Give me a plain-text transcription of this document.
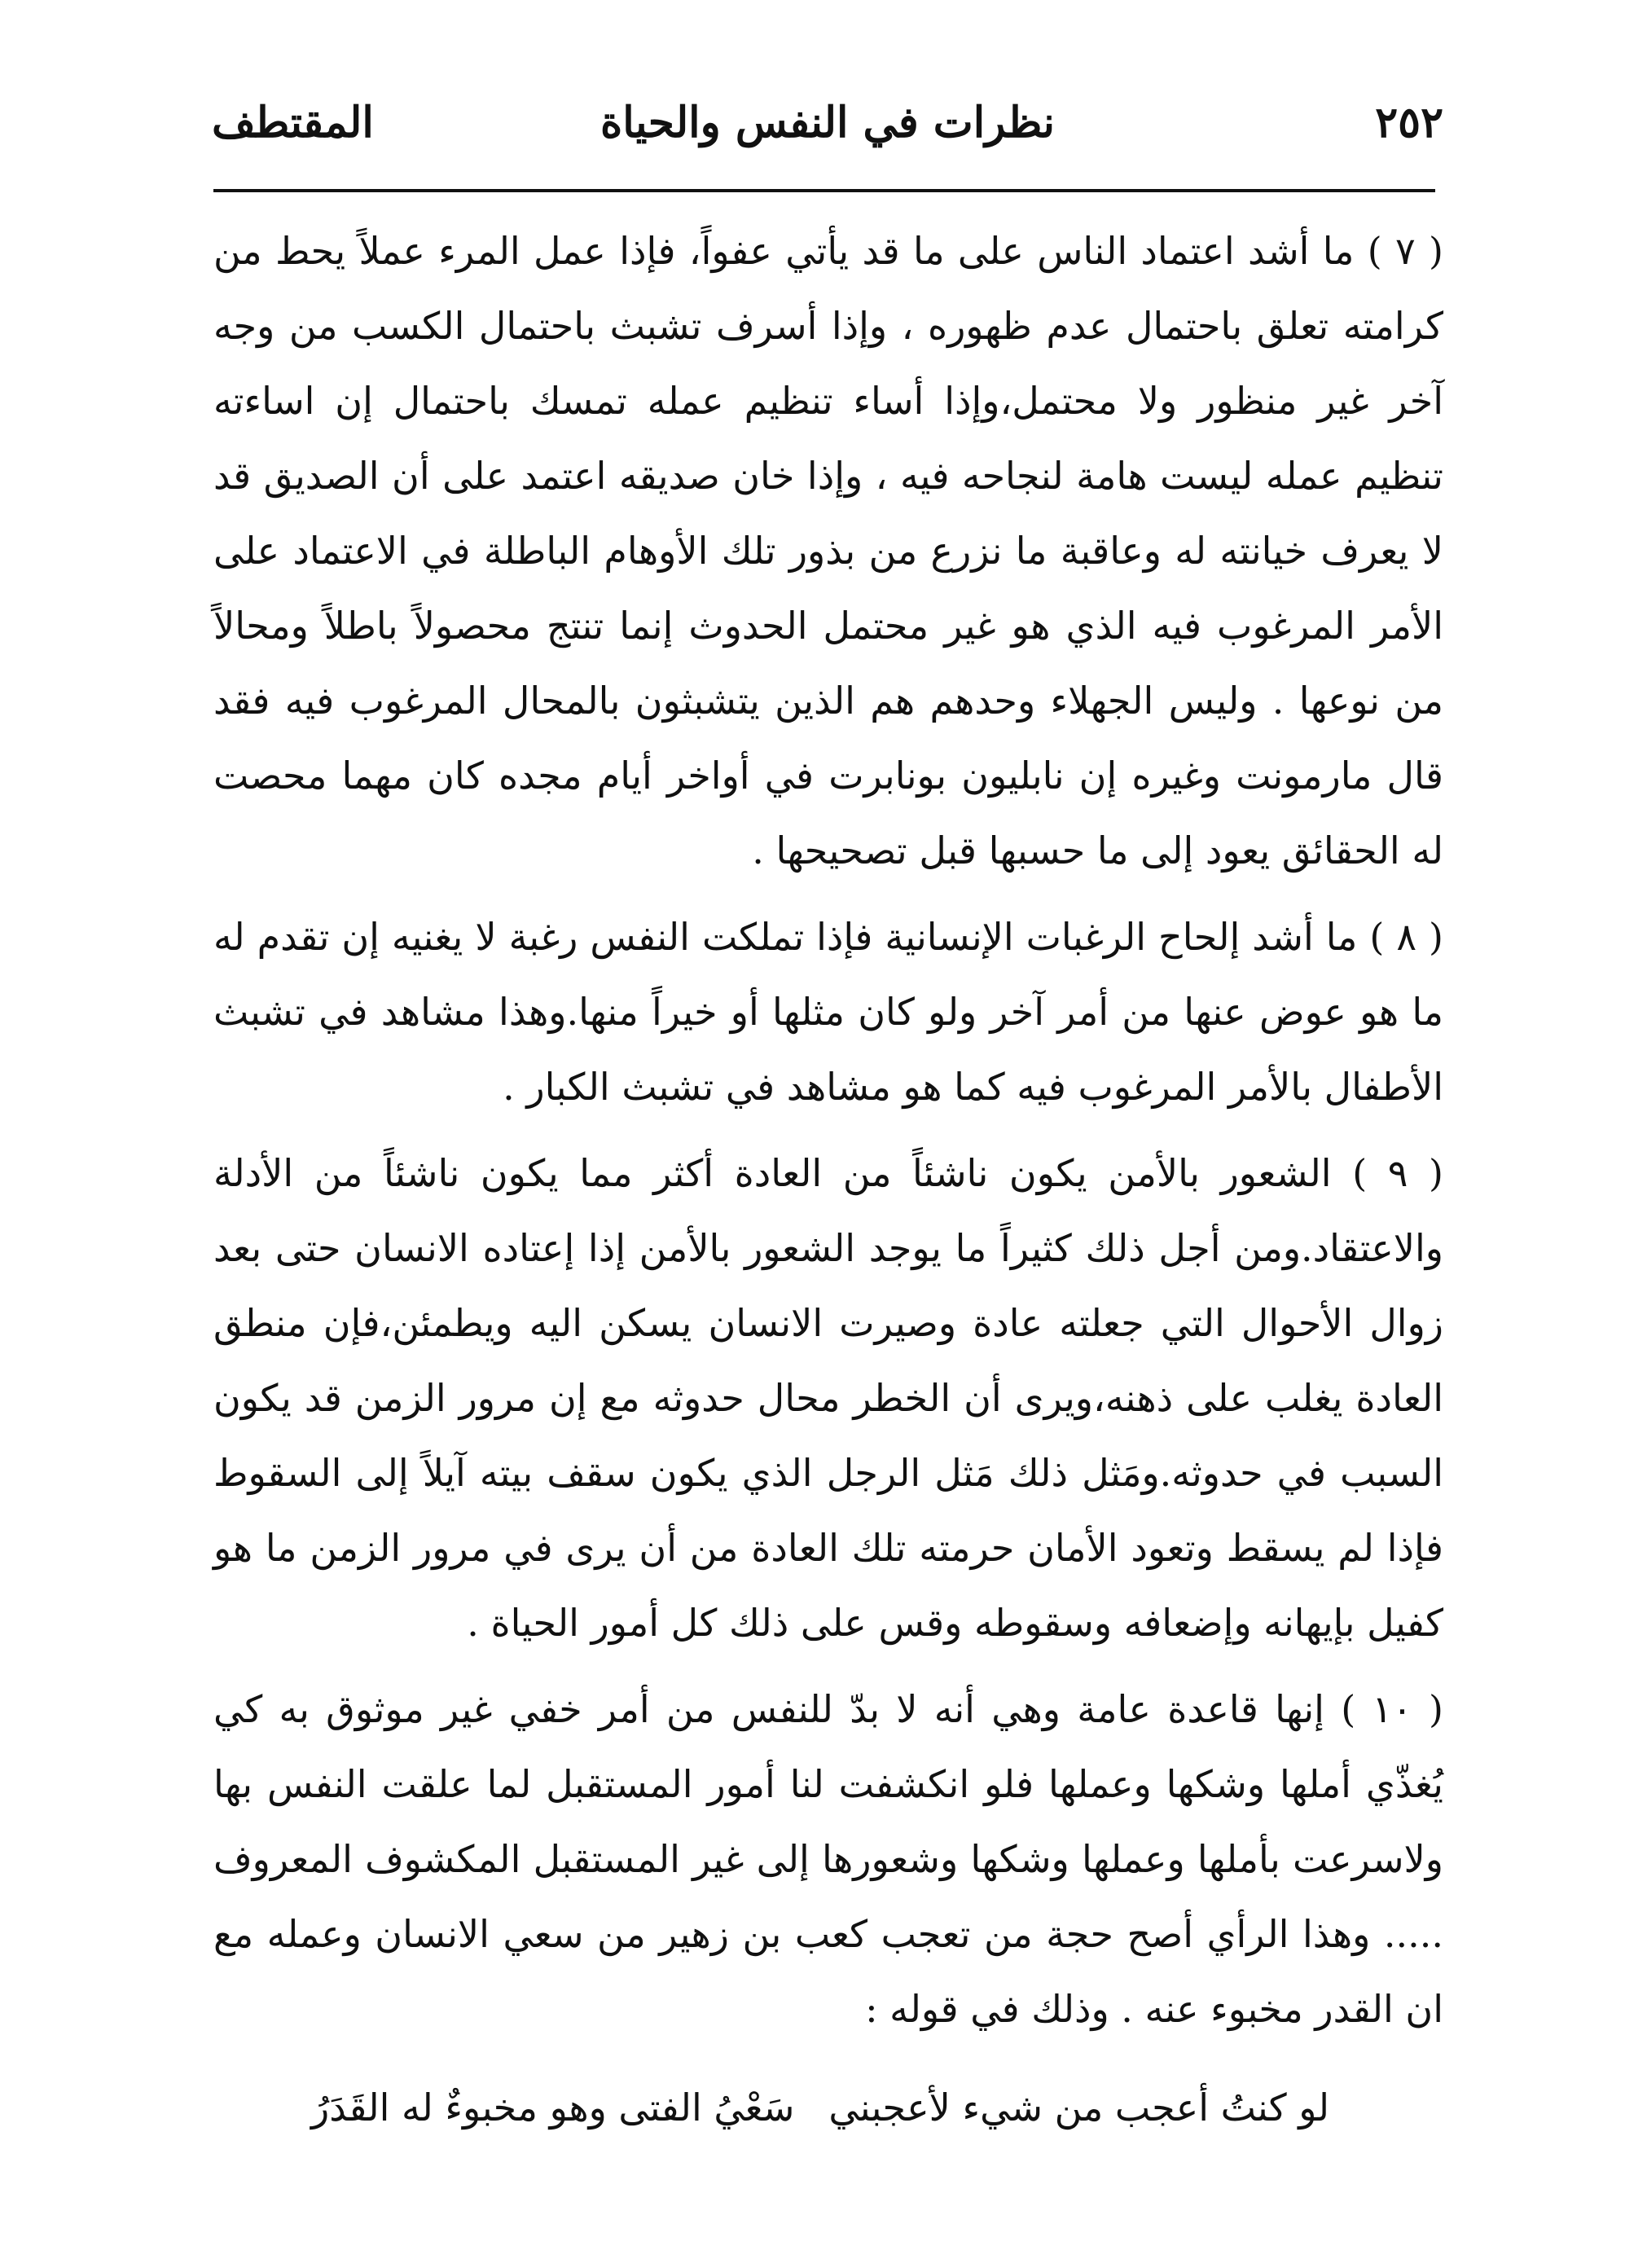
٢٥٢
نظرات في النفس والحياة
المقتطف

( ٧ ) ما أشد اعتماد الناس على ما قد يأتي عفواً، فإذا عمل المرء عملاً يحط من كرامته تعلق باحتمال عدم ظهوره ، وإذا أسرف تشبث باحتمال الكسب من وجه آخر غير منظور ولا محتمل،وإذا أساء تنظيم عمله تمسك باحتمال إن اساءته تنظيم عمله ليست هامة لنجاحه فيه ، وإذا خان صديقه اعتمد على أن الصديق قد لا يعرف خيانته له وعاقبة ما نزرع من بذور تلك الأوهام الباطلة في الاعتماد على الأمر المرغوب فيه الذي هو غير محتمل الحدوث إنما تنتج محصولاً باطلاً ومحالاً من نوعها . وليس الجهلاء وحدهم هم الذين يتشبثون بالمحال المرغوب فيه فقد قال مارمونت وغيره إن نابليون بونابرت في أواخر أيام مجده كان مهما محصت له الحقائق يعود إلى ما حسبها قبل تصحيحها .

( ٨ ) ما أشد إلحاح الرغبات الإنسانية فإذا تملكت النفس رغبة لا يغنيه إن تقدم له ما هو عوض عنها من أمر آخر ولو كان مثلها أو خيراً منها.وهذا مشاهد في تشبث الأطفال بالأمر المرغوب فيه كما هو مشاهد في تشبث الكبار .

( ٩ ) الشعور بالأمن يكون ناشئاً من العادة أكثر مما يكون ناشئاً من الأدلة والاعتقاد.ومن أجل ذلك كثيراً ما يوجد الشعور بالأمن إذا إعتاده الانسان حتى بعد زوال الأحوال التي جعلته عادة وصيرت الانسان يسكن اليه ويطمئن،فإن منطق العادة يغلب على ذهنه،ويرى أن الخطر محال حدوثه مع إن مرور الزمن قد يكون السبب في حدوثه.ومَثل ذلك مَثل الرجل الذي يكون سقف بيته آيلاً إلى السقوط فإذا لم يسقط وتعود الأمان حرمته تلك العادة من أن يرى في مرور الزمن ما هو كفيل بإيهانه وإضعافه وسقوطه وقس على ذلك كل أمور الحياة .

( ١٠ ) إنها قاعدة عامة وهي أنه لا بدّ للنفس من أمر خفي غير موثوق به كي يُغذّي أملها وشكها وعملها فلو انكشفت لنا أمور المستقبل لما علقت النفس بها ولاسرعت بأملها وعملها وشكها وشعورها إلى غير المستقبل المكشوف المعروف ..... وهذا الرأي أصح حجة من تعجب كعب بن زهير من سعي الانسان وعمله مع ان القدر مخبوء عنه . وذلك في قوله :

لو كنتُ أعجب من شيء لأعجبني
سَعْيُ الفتى وهو مخبوءٌ له القَدَرُ
